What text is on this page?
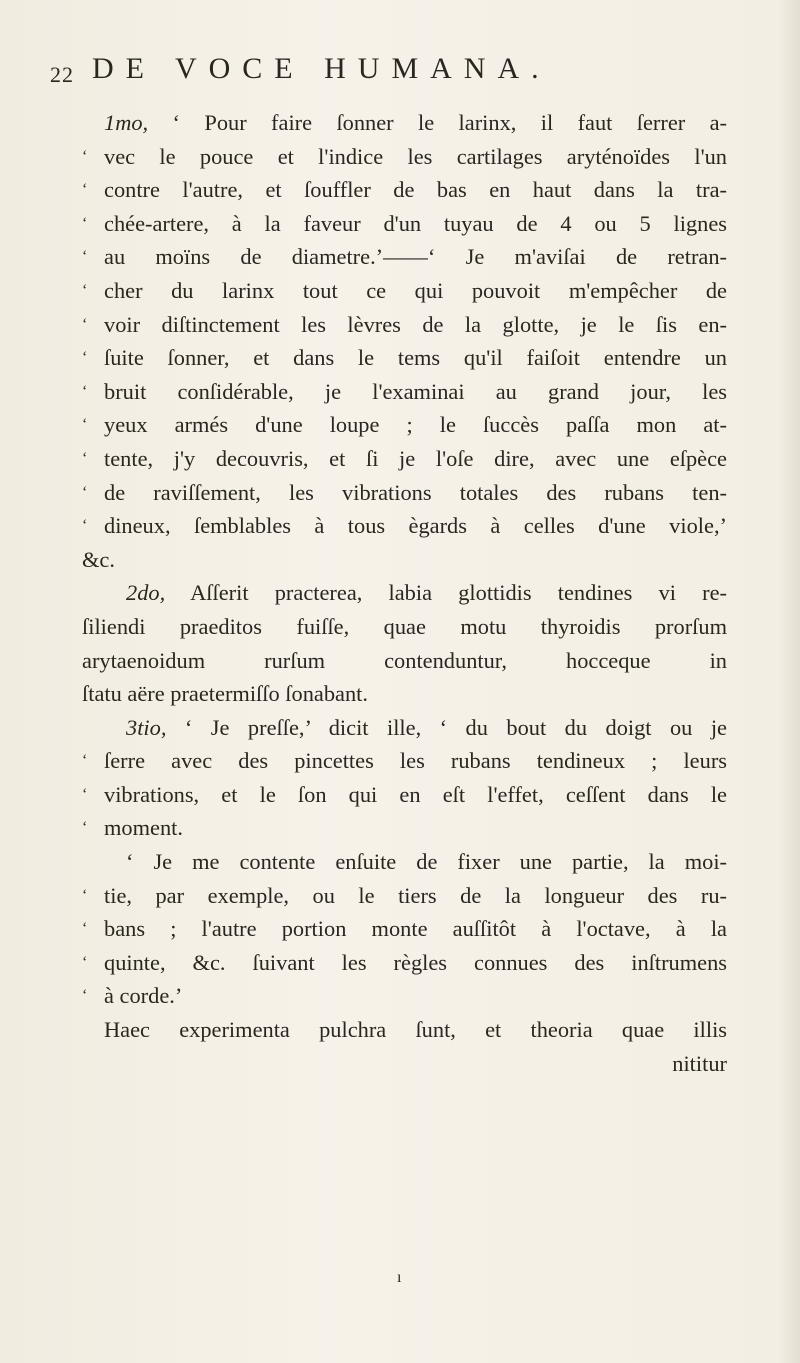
22 DE VOCE HUMANA.
1mo, ‘ Pour faire ſonner le larinx, il faut ſerrer a-
‘ vec le pouce et l'indice les cartilages aryténoïdes l'un
‘ contre l'autre, et ſouffler de bas en haut dans la tra-
‘ chée-artere, à la faveur d'un tuyau de 4 ou 5 lignes
‘ au moïns de diametre.’——‘ Je m'aviſai de retran-
‘ cher du larinx tout ce qui pouvoit m'empêcher de
‘ voir diſtinctement les lèvres de la glotte, je le ſis en-
‘ ſuite ſonner, et dans le tems qu'il faiſoit entendre un
‘ bruit conſidérable, je l'examinai au grand jour, les
‘ yeux armés d'une loupe ; le ſuccès paſſa mon at-
‘ tente, j'y decouvris, et ſi je l'oſe dire, avec une eſpèce
‘ de raviſſement, les vibrations totales des rubans ten-
‘ dineux, ſemblables à tous ègards à celles d'une viole,’
&c.
2do, Aſſerit practerea, labia glottidis tendines vi re-
ſiliendi praeditos fuiſſe, quae motu thyroidis prorſum
arytaenoidum rurſum contenduntur, hocceque in
ſtatu aëre praetermiſſo ſonabant.
3tio, ‘ Je preſſe,’ dicit ille, ‘ du bout du doigt ou je
‘ ſerre avec des pincettes les rubans tendineux ; leurs
‘ vibrations, et le ſon qui en eſt l'effet, ceſſent dans le
‘ moment.
‘ Je me contente enſuite de fixer une partie, la moi-
‘ tie, par exemple, ou le tiers de la longueur des ru-
‘ bans ; l'autre portion monte auſſitôt à l'octave, à la
‘ quinte, &c. ſuivant les règles connues des inſtrumens
‘ à corde.’
Haec experimenta pulchra ſunt, et theoria quae illis
nititur
ı
